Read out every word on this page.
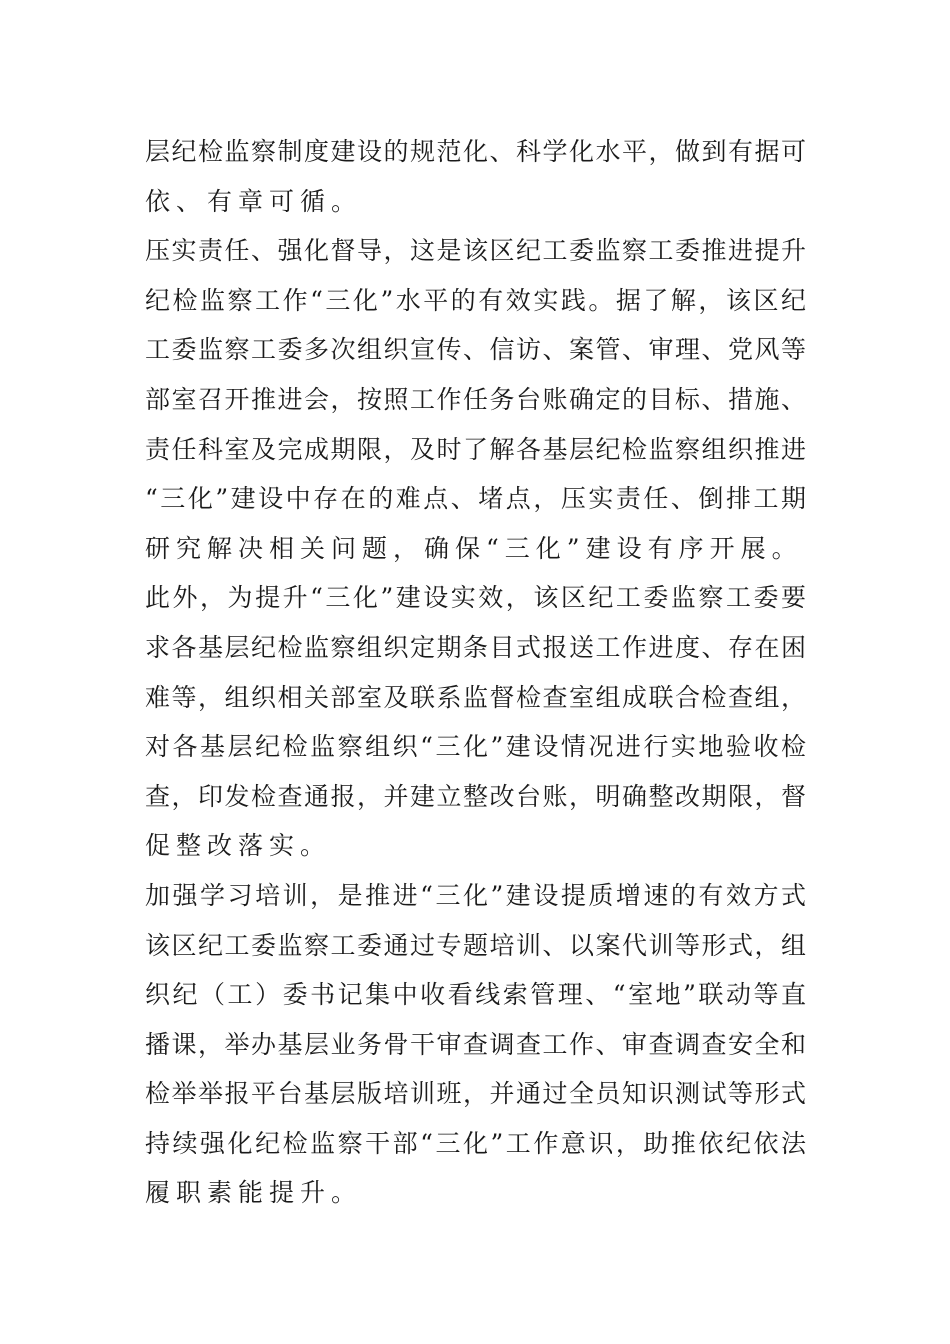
层纪检监察制度建设的规范化、科学化水平，做到有据可
依、有章可循。
压实责任、强化督导，这是该区纪工委监察工委推进提升
纪检监察工作“三化”水平的有效实践。据了解，该区纪
工委监察工委多次组织宣传、信访、案管、审理、党风等
部室召开推进会，按照工作任务台账确定的目标、措施、
责任科室及完成期限，及时了解各基层纪检监察组织推进
“三化”建设中存在的难点、堵点，压实责任、倒排工期
研究解决相关问题，确保“三化”建设有序开展。
此外，为提升“三化”建设实效，该区纪工委监察工委要
求各基层纪检监察组织定期条目式报送工作进度、存在困
难等，组织相关部室及联系监督检查室组成联合检查组，
对各基层纪检监察组织“三化”建设情况进行实地验收检
查，印发检查通报，并建立整改台账，明确整改期限，督
促整改落实。
加强学习培训，是推进“三化”建设提质增速的有效方式
该区纪工委监察工委通过专题培训、以案代训等形式，组
织纪（工）委书记集中收看线索管理、“室地”联动等直
播课，举办基层业务骨干审查调查工作、审查调查安全和
检举举报平台基层版培训班，并通过全员知识测试等形式
持续强化纪检监察干部“三化”工作意识，助推依纪依法
履职素能提升。
